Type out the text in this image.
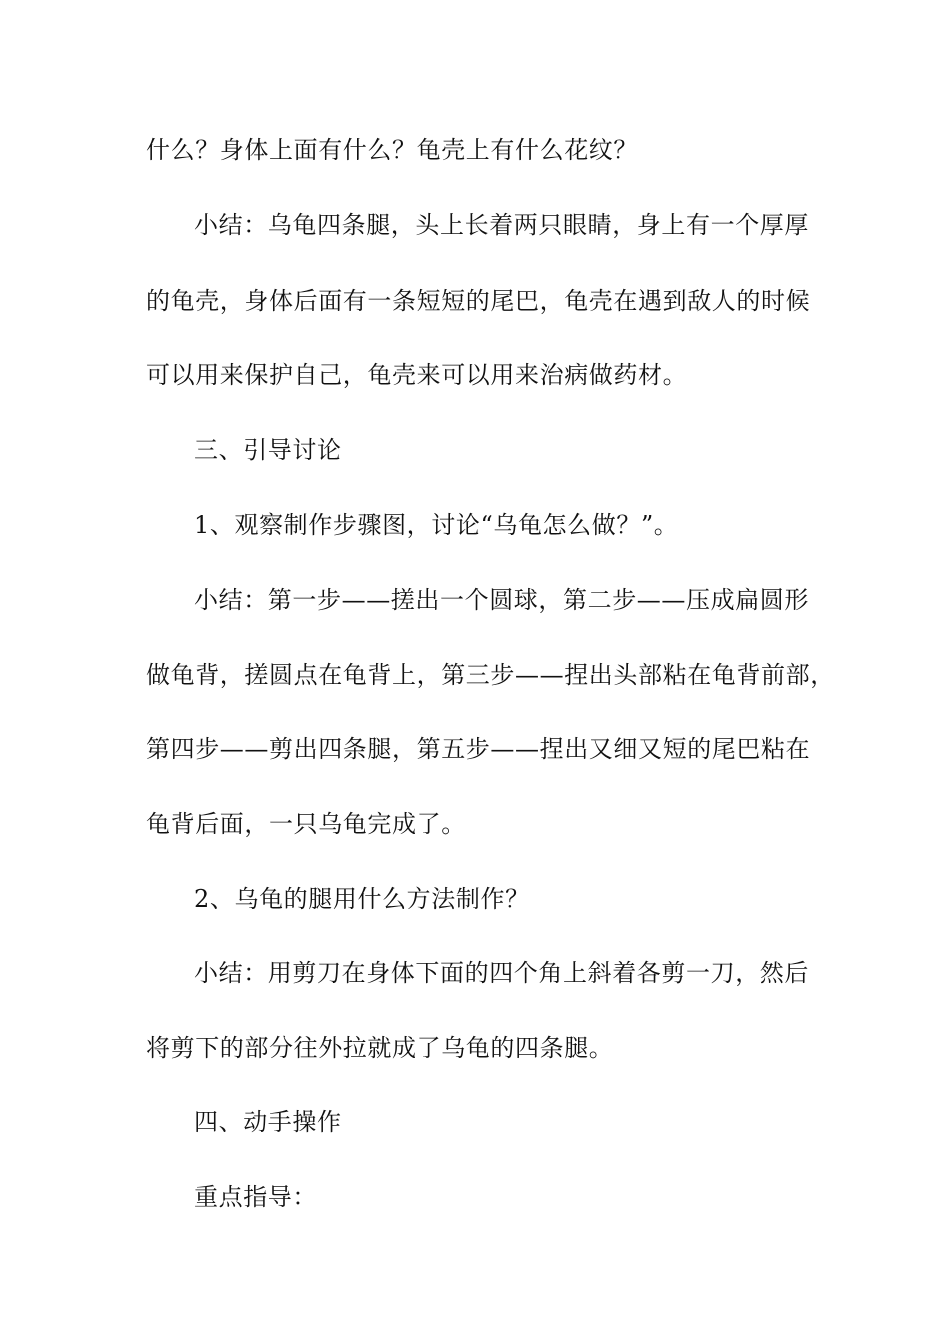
什么？身体上面有什么？龟壳上有什么花纹？
小结：乌龟四条腿，头上长着两只眼睛，身上有一个厚厚
的龟壳，身体后面有一条短短的尾巴，龟壳在遇到敌人的时候
可以用来保护自己，龟壳来可以用来治病做药材。
三、引导讨论
1、观察制作步骤图，讨论“乌龟怎么做？”。
小结：第一步——搓出一个圆球，第二步——压成扁圆形
做龟背，搓圆点在龟背上，第三步——捏出头部粘在龟背前部，
第四步——剪出四条腿，第五步——捏出又细又短的尾巴粘在
龟背后面，一只乌龟完成了。
2、乌龟的腿用什么方法制作？
小结：用剪刀在身体下面的四个角上斜着各剪一刀，然后
将剪下的部分往外拉就成了乌龟的四条腿。
四、动手操作
重点指导：
